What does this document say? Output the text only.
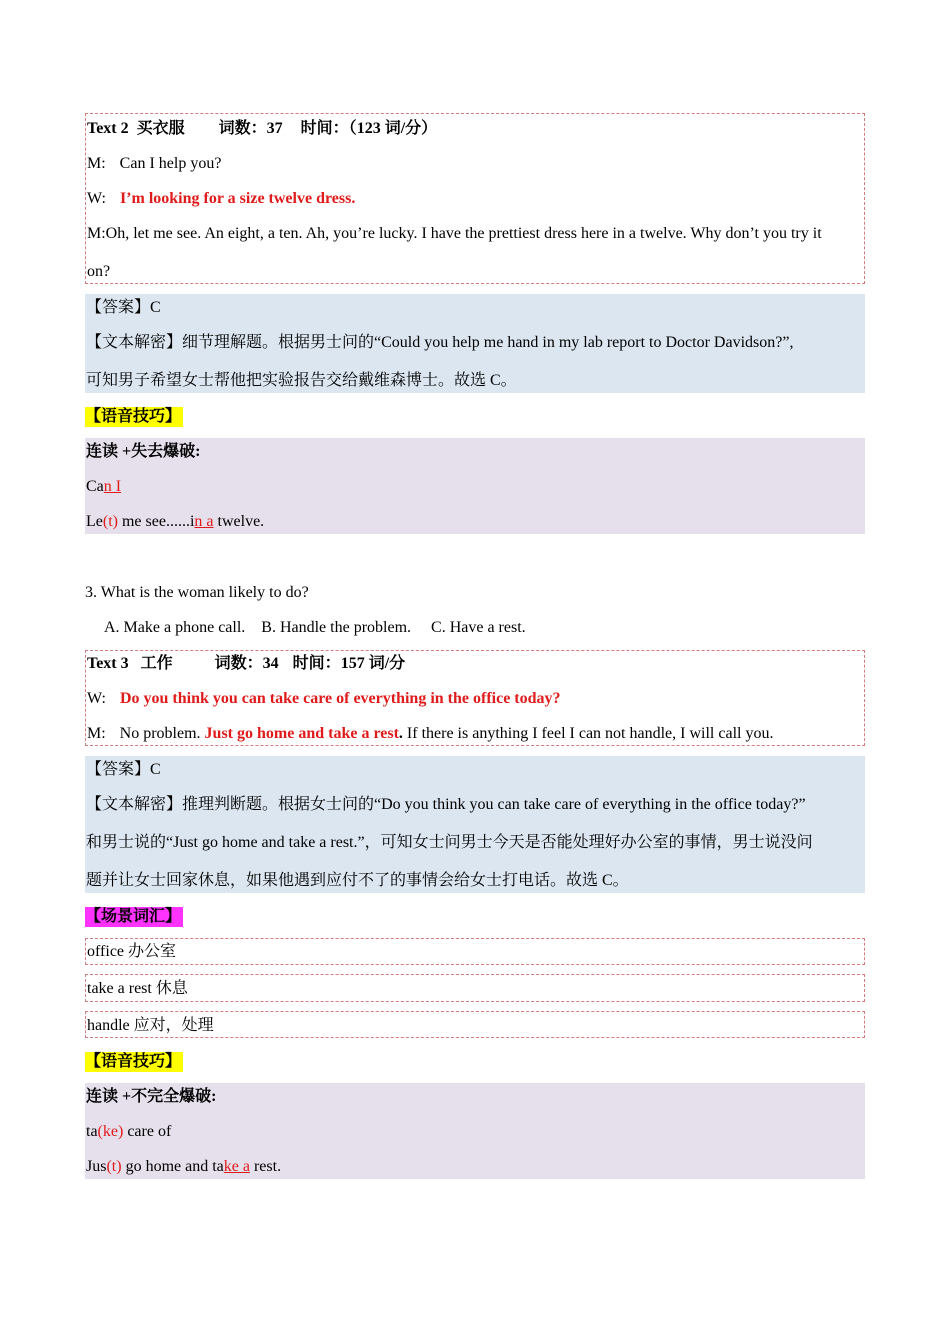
Text 2 买衣服 词数：37 时间：（123 词/分）
M: Can I help you?
W: I’m looking for a size twelve dress.
M:Oh, let me see. An eight, a ten. Ah, you’re lucky. I have the prettiest dress here in a twelve. Why don’t you try it
on?
【答案】C
【文本解密】细节理解题。根据男士问的“Could you help me hand in my lab report to Doctor Davidson?”,
可知男子希望女士帮他把实验报告交给戴维森博士。故选 C。
【语音技巧】
连读 +失去爆破:
Can I
Le(t) me see......in a twelve.
3. What is the woman likely to do?
A. Make a phone call.    B. Handle the problem.     C. Have a rest.
Text 3 工作	词数：34 时间：157 词/分
W: Do you think you can take care of everything in the office today?
M: No problem. Just go home and take a rest. If there is anything I feel I can not handle, I will call you.
【答案】C
【文本解密】推理判断题。根据女士问的“Do you think you can take care of everything in the office today?”
和男士说的“Just go home and take a rest.”，可知女士问男士今天是否能处理好办公室的事情，男士说没问
题并让女士回家休息，如果他遇到应付不了的事情会给女士打电话。故选 C。
【场景词汇】
office 办公室
take a rest 休息
handle 应对，处理
【语音技巧】
连读 +不完全爆破:
ta(ke) care of
Jus(t) go home and take a rest.
